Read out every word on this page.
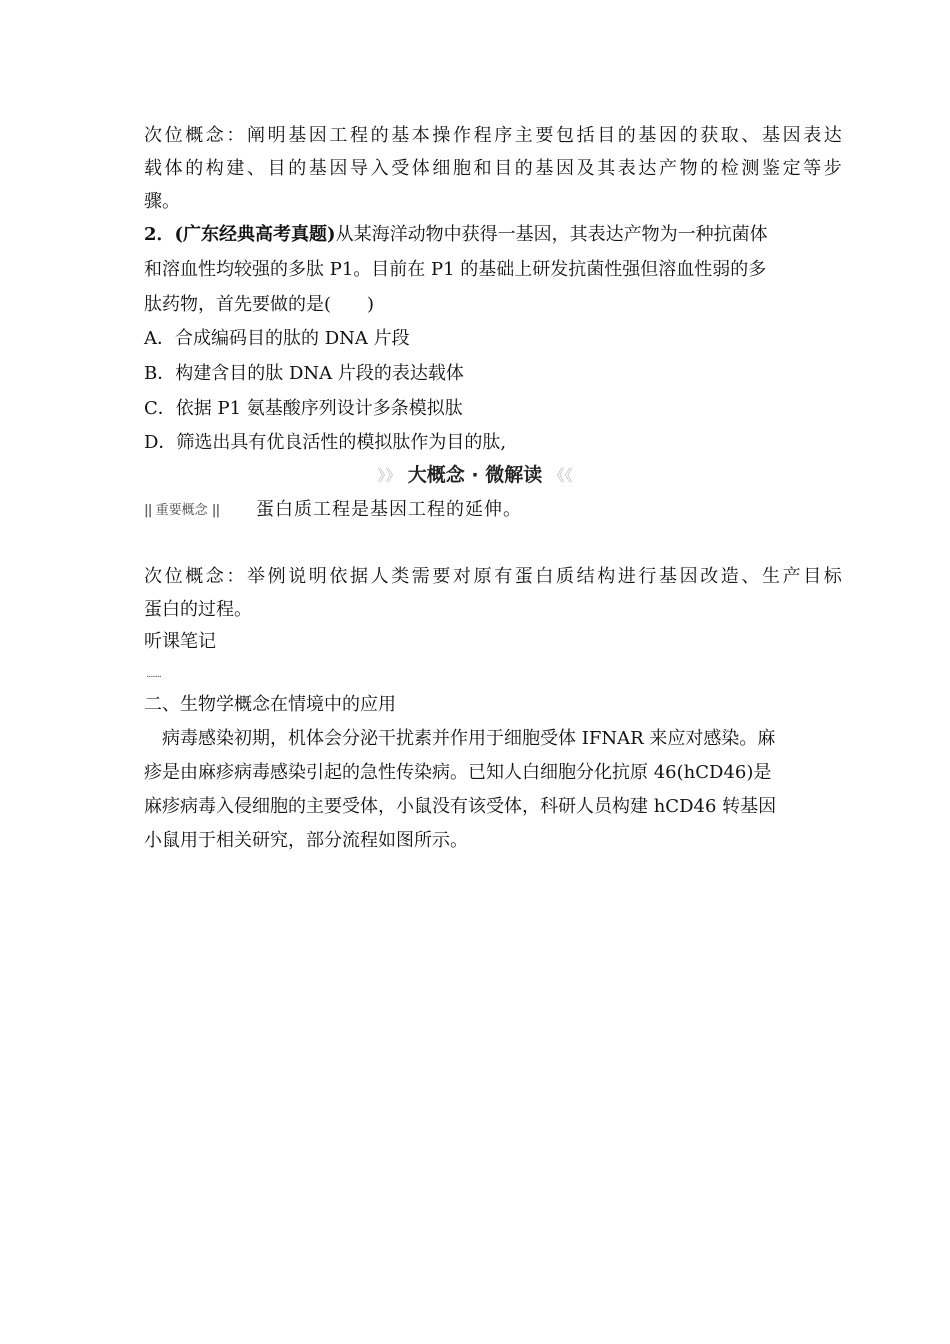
次位概念：阐明基因工程的基本操作程序主要包括目的基因的获取、基因表达
载体的构建、目的基因导入受体细胞和目的基因及其表达产物的检测鉴定等步
骤。
2．(广东经典高考真题)从某海洋动物中获得一基因，其表达产物为一种抗菌体
和溶血性均较强的多肽 P1。目前在 P1 的基础上研发抗菌性强但溶血性弱的多
肽药物，首先要做的是(　　)
A．合成编码目的肽的 DNA 片段
B．构建含目的肽 DNA 片段的表达载体
C．依据 P1 氨基酸序列设计多条模拟肽
D．筛选出具有优良活性的模拟肽作为目的肽,
》》 大概念 · 微解读 《《
|| 重要概念 || 蛋白质工程是基因工程的延伸。
次位概念：举例说明依据人类需要对原有蛋白质结构进行基因改造、生产目标
蛋白的过程。
听课笔记
........
二、生物学概念在情境中的应用
　病毒感染初期，机体会分泌干扰素并作用于细胞受体 IFNAR 来应对感染。麻
疹是由麻疹病毒感染引起的急性传染病。已知人白细胞分化抗原 46(hCD46)是
麻疹病毒入侵细胞的主要受体，小鼠没有该受体，科研人员构建 hCD46 转基因
小鼠用于相关研究，部分流程如图所示。
